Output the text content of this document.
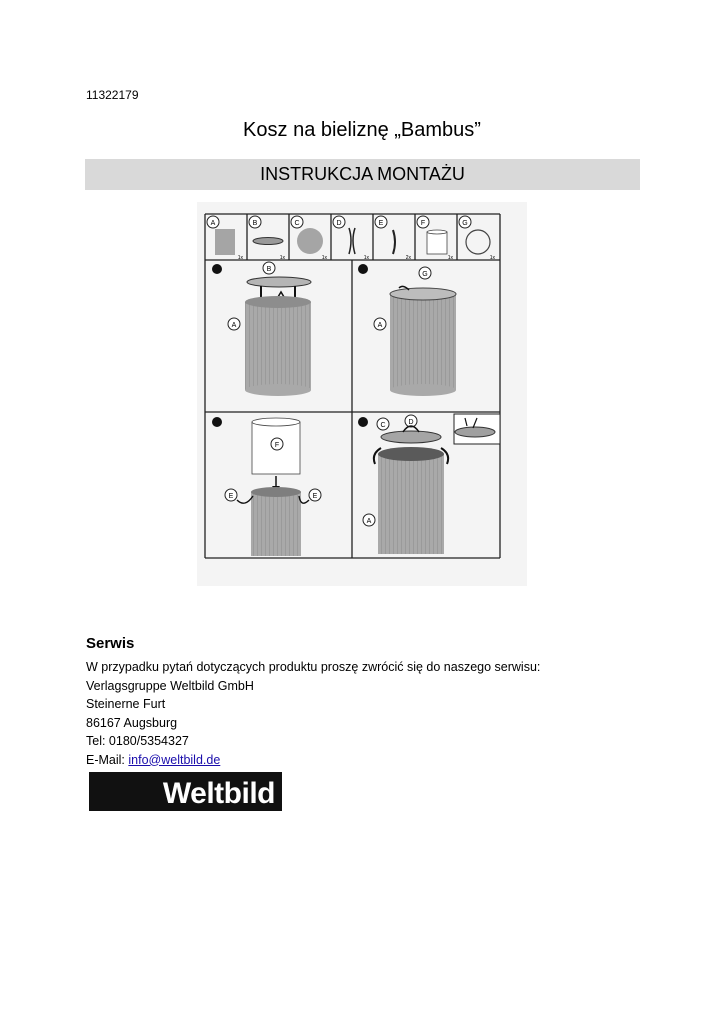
11322179
Kosz na bieliznę „Bambus”
INSTRUKCJA MONTAŻU
A
1x
B
1x
C
1x
D
1x
E
2x
F
1x
G
1x
B
A
G
A
F
E	E
C	D
A
Serwis
W przypadku pytań dotyczących produktu proszę zwrócić się do naszego serwisu:
Verlagsgruppe Weltbild GmbH
Steinerne Furt
86167 Augsburg
Tel: 0180/5354327
E-Mail: info@weltbild.de
Weltbild
